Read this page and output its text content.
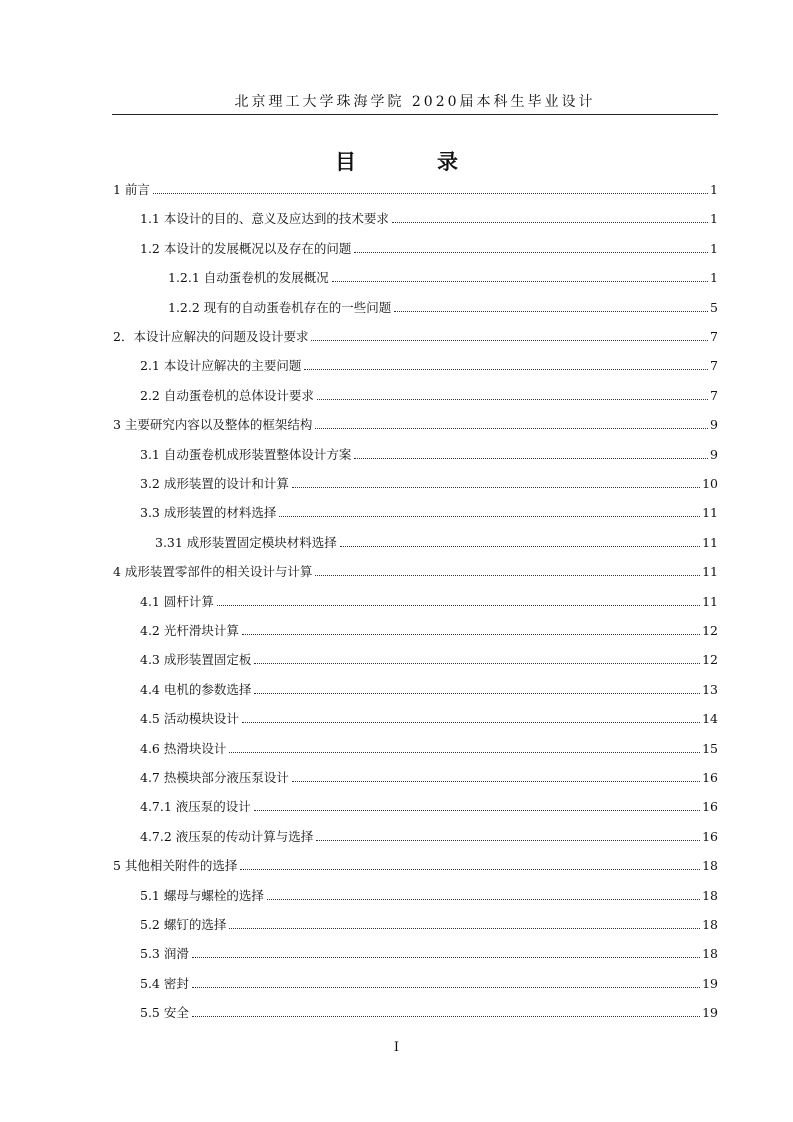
北京理工大学珠海学院 2020届本科生毕业设计
目　录
1 前言	1
1.1 本设计的目的、意义及应达到的技术要求	1
1.2 本设计的发展概况以及存在的问题	1
1.2.1 自动蛋卷机的发展概况	1
1.2.2 现有的自动蛋卷机存在的一些问题	5
2．本设计应解决的问题及设计要求	7
2.1 本设计应解决的主要问题	7
2.2 自动蛋卷机的总体设计要求	7
3 主要研究内容以及整体的框架结构	9
3.1 自动蛋卷机成形装置整体设计方案	9
3.2 成形装置的设计和计算	10
3.3 成形装置的材料选择	11
3.31 成形装置固定模块材料选择	11
4 成形装置零部件的相关设计与计算	11
4.1 圆杆计算	11
4.2 光杆滑块计算	12
4.3 成形装置固定板	12
4.4 电机的参数选择	13
4.5 活动模块设计	14
4.6 热滑块设计	15
4.7 热模块部分液压泵设计	16
4.7.1 液压泵的设计	16
4.7.2 液压泵的传动计算与选择	16
5 其他相关附件的选择	18
5.1 螺母与螺栓的选择	18
5.2 螺钉的选择	18
5.3 润滑	18
5.4 密封	19
5.5 安全	19
I
